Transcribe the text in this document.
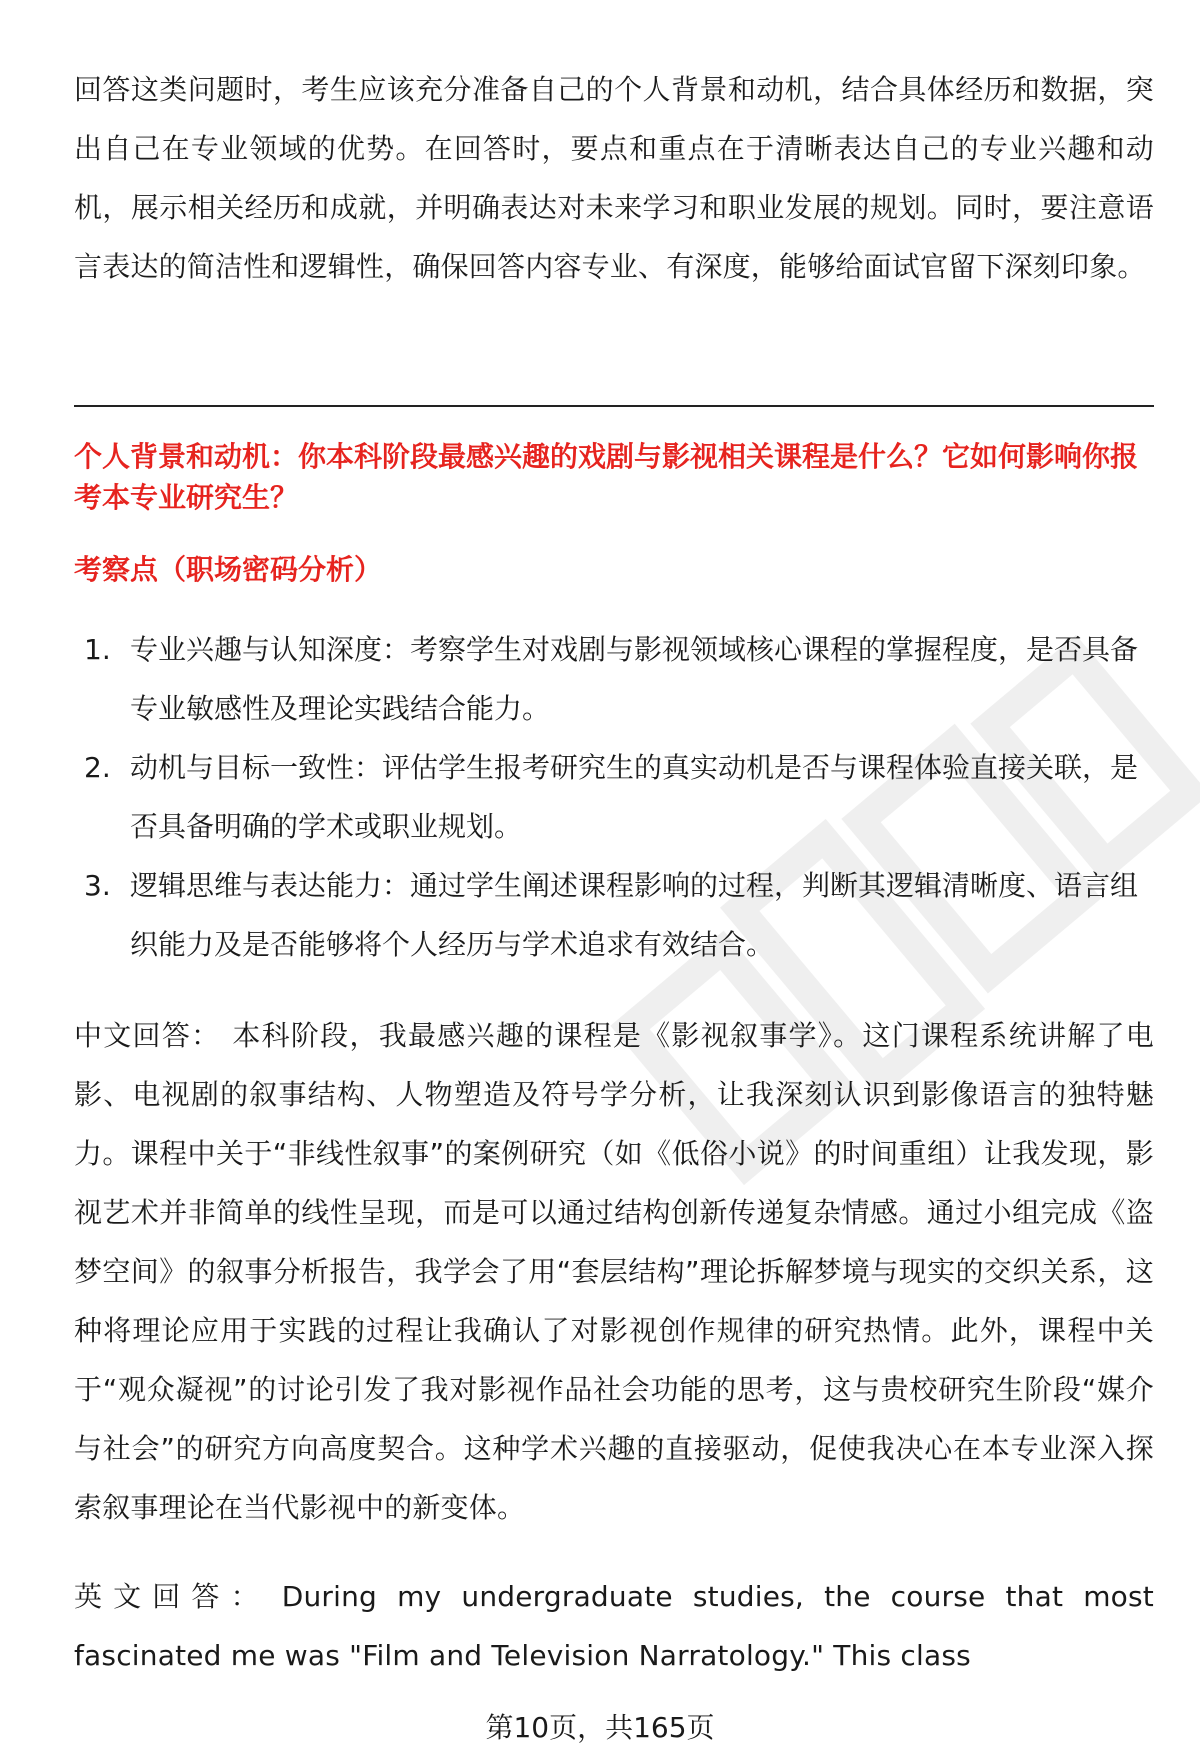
回答这类问题时，考生应该充分准备自己的个人背景和动机，结合具体经历和数据，突出自己在专业领域的优势。在回答时，要点和重点在于清晰表达自己的专业兴趣和动机，展示相关经历和成就，并明确表达对未来学习和职业发展的规划。同时，要注意语言表达的简洁性和逻辑性，确保回答内容专业、有深度，能够给面试官留下深刻印象。

个人背景和动机：你本科阶段最感兴趣的戏剧与影视相关课程是什么？它如何影响你报考本专业研究生？

考察点（职场密码分析）

1. 专业兴趣与认知深度：考察学生对戏剧与影视领域核心课程的掌握程度，是否具备专业敏感性及理论实践结合能力。
2. 动机与目标一致性：评估学生报考研究生的真实动机是否与课程体验直接关联，是否具备明确的学术或职业规划。
3. 逻辑思维与表达能力：通过学生阐述课程影响的过程，判断其逻辑清晰度、语言组织能力及是否能够将个人经历与学术追求有效结合。

中文回答： 本科阶段，我最感兴趣的课程是《影视叙事学》。这门课程系统讲解了电影、电视剧的叙事结构、人物塑造及符号学分析，让我深刻认识到影像语言的独特魅力。课程中关于“非线性叙事”的案例研究（如《低俗小说》的时间重组）让我发现，影视艺术并非简单的线性呈现，而是可以通过结构创新传递复杂情感。通过小组完成《盗梦空间》的叙事分析报告，我学会了用“套层结构”理论拆解梦境与现实的交织关系，这种将理论应用于实践的过程让我确认了对影视创作规律的研究热情。此外，课程中关于“观众凝视”的讨论引发了我对影视作品社会功能的思考，这与贵校研究生阶段“媒介与社会”的研究方向高度契合。这种学术兴趣的直接驱动，促使我决心在本专业深入探索叙事理论在当代影视中的新变体。

英文回答： During my undergraduate studies, the course that most fascinated me was "Film and Television Narratology." This class

第10页，共165页
